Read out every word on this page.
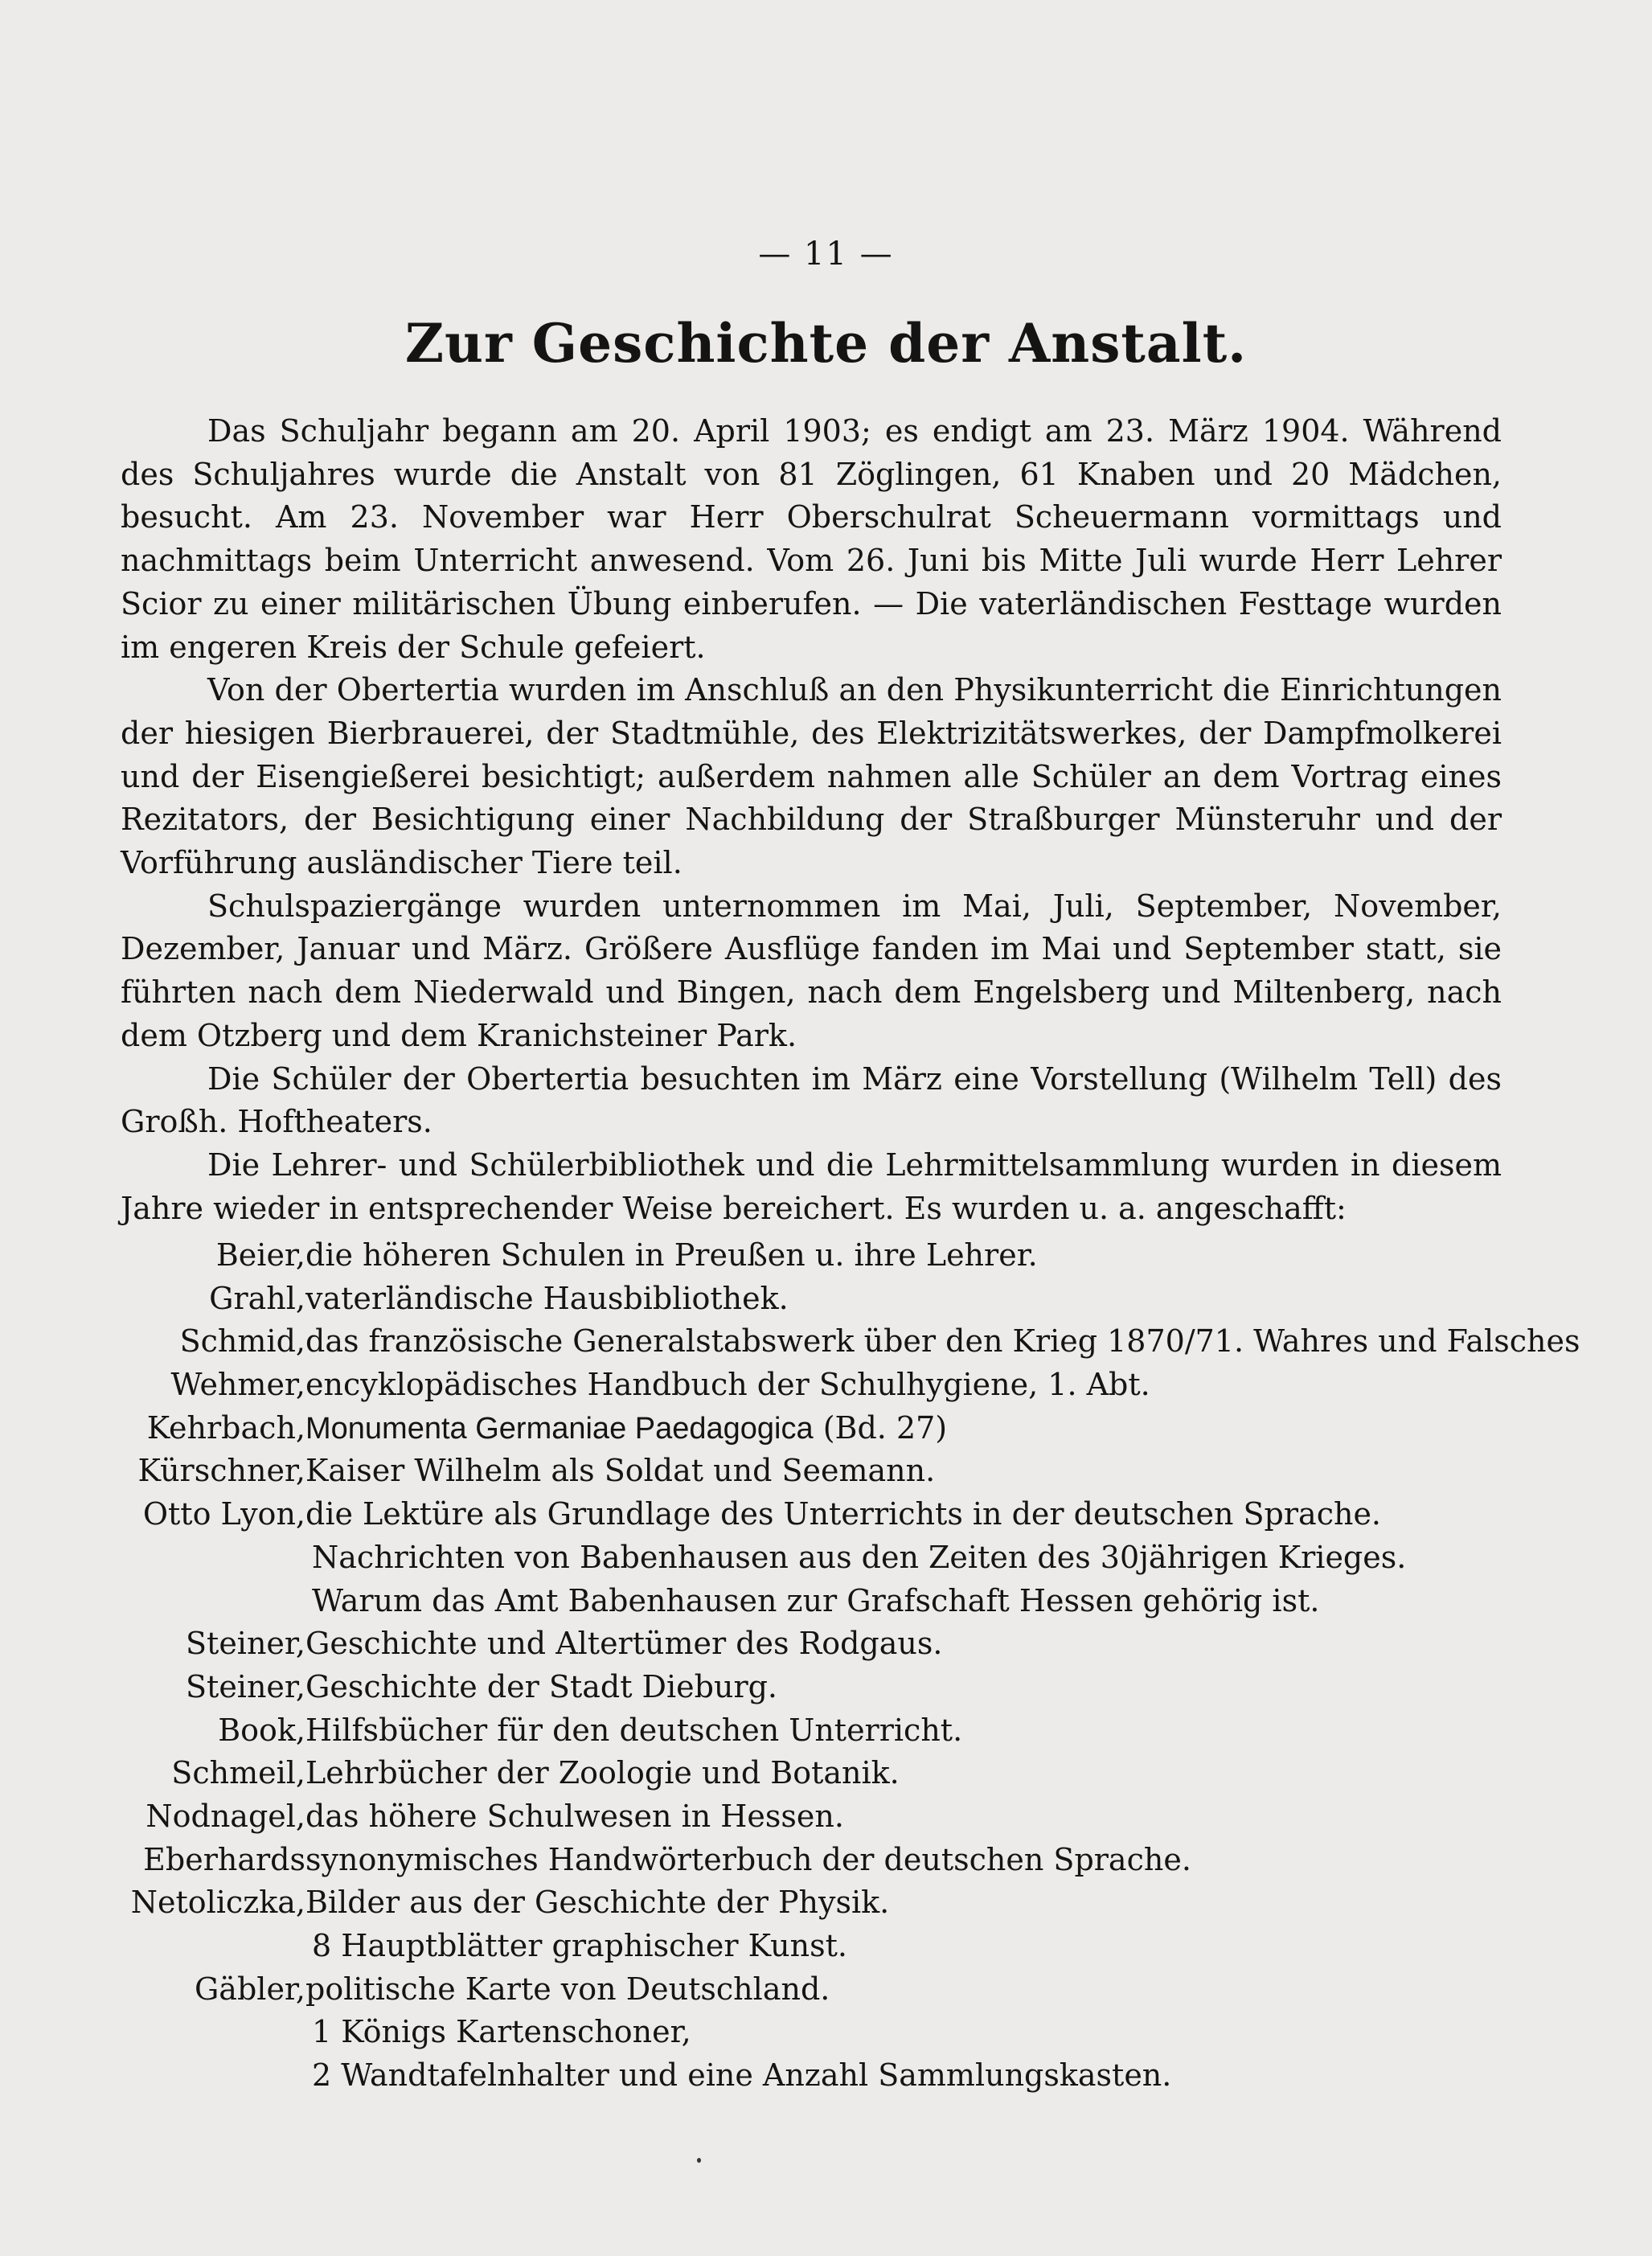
— 11 —
Zur Geschichte der Anstalt.

Das Schuljahr begann am 20. April 1903; es endigt am 23. März 1904. Während des Schuljahres wurde die Anstalt von 81 Zöglingen, 61 Knaben und 20 Mädchen, besucht. Am 23. November war Herr Oberschulrat Scheuermann vormittags und nachmittags beim Unterricht anwesend. Vom 26. Juni bis Mitte Juli wurde Herr Lehrer Scior zu einer militärischen Übung einberufen. — Die vaterländischen Festtage wurden im engeren Kreis der Schule gefeiert.

Von der Obertertia wurden im Anschluß an den Physikunterricht die Einrichtungen der hiesigen Bierbrauerei, der Stadtmühle, des Elektrizitätswerkes, der Dampfmolkerei und der Eisengießerei besichtigt; außerdem nahmen alle Schüler an dem Vortrag eines Rezitators, der Besichtigung einer Nachbildung der Straßburger Münsteruhr und der Vorführung ausländischer Tiere teil.

Schulspaziergänge wurden unternommen im Mai, Juli, September, November, Dezember, Januar und März. Größere Ausflüge fanden im Mai und September statt, sie führten nach dem Niederwald und Bingen, nach dem Engelsberg und Miltenberg, nach dem Otzberg und dem Kranichsteiner Park.

Die Schüler der Obertertia besuchten im März eine Vorstellung (Wilhelm Tell) des Großh. Hoftheaters.

Die Lehrer- und Schülerbibliothek und die Lehrmittelsammlung wurden in diesem Jahre wieder in entsprechender Weise bereichert. Es wurden u. a. angeschafft:

Beier, die höheren Schulen in Preußen u. ihre Lehrer.
Grahl, vaterländische Hausbibliothek.
Schmid, das französische Generalstabswerk über den Krieg 1870/71. Wahres und Falsches
Wehmer, encyklopädisches Handbuch der Schulhygiene, 1. Abt.
Kehrbach, Monumenta Germaniae Paedagogica (Bd. 27)
Kürschner, Kaiser Wilhelm als Soldat und Seemann.
Otto Lyon, die Lektüre als Grundlage des Unterrichts in der deutschen Sprache.
Nachrichten von Babenhausen aus den Zeiten des 30jährigen Krieges.
Warum das Amt Babenhausen zur Grafschaft Hessen gehörig ist.
Steiner, Geschichte und Altertümer des Rodgaus.
Steiner, Geschichte der Stadt Dieburg.
Book, Hilfsbücher für den deutschen Unterricht.
Schmeil, Lehrbücher der Zoologie und Botanik.
Nodnagel, das höhere Schulwesen in Hessen.
Eberhards synonymisches Handwörterbuch der deutschen Sprache.
Netoliczka, Bilder aus der Geschichte der Physik.
8 Hauptblätter graphischer Kunst.
Gäbler, politische Karte von Deutschland.
1 Königs Kartenschoner,
2 Wandtafelnhalter und eine Anzahl Sammlungskasten.
